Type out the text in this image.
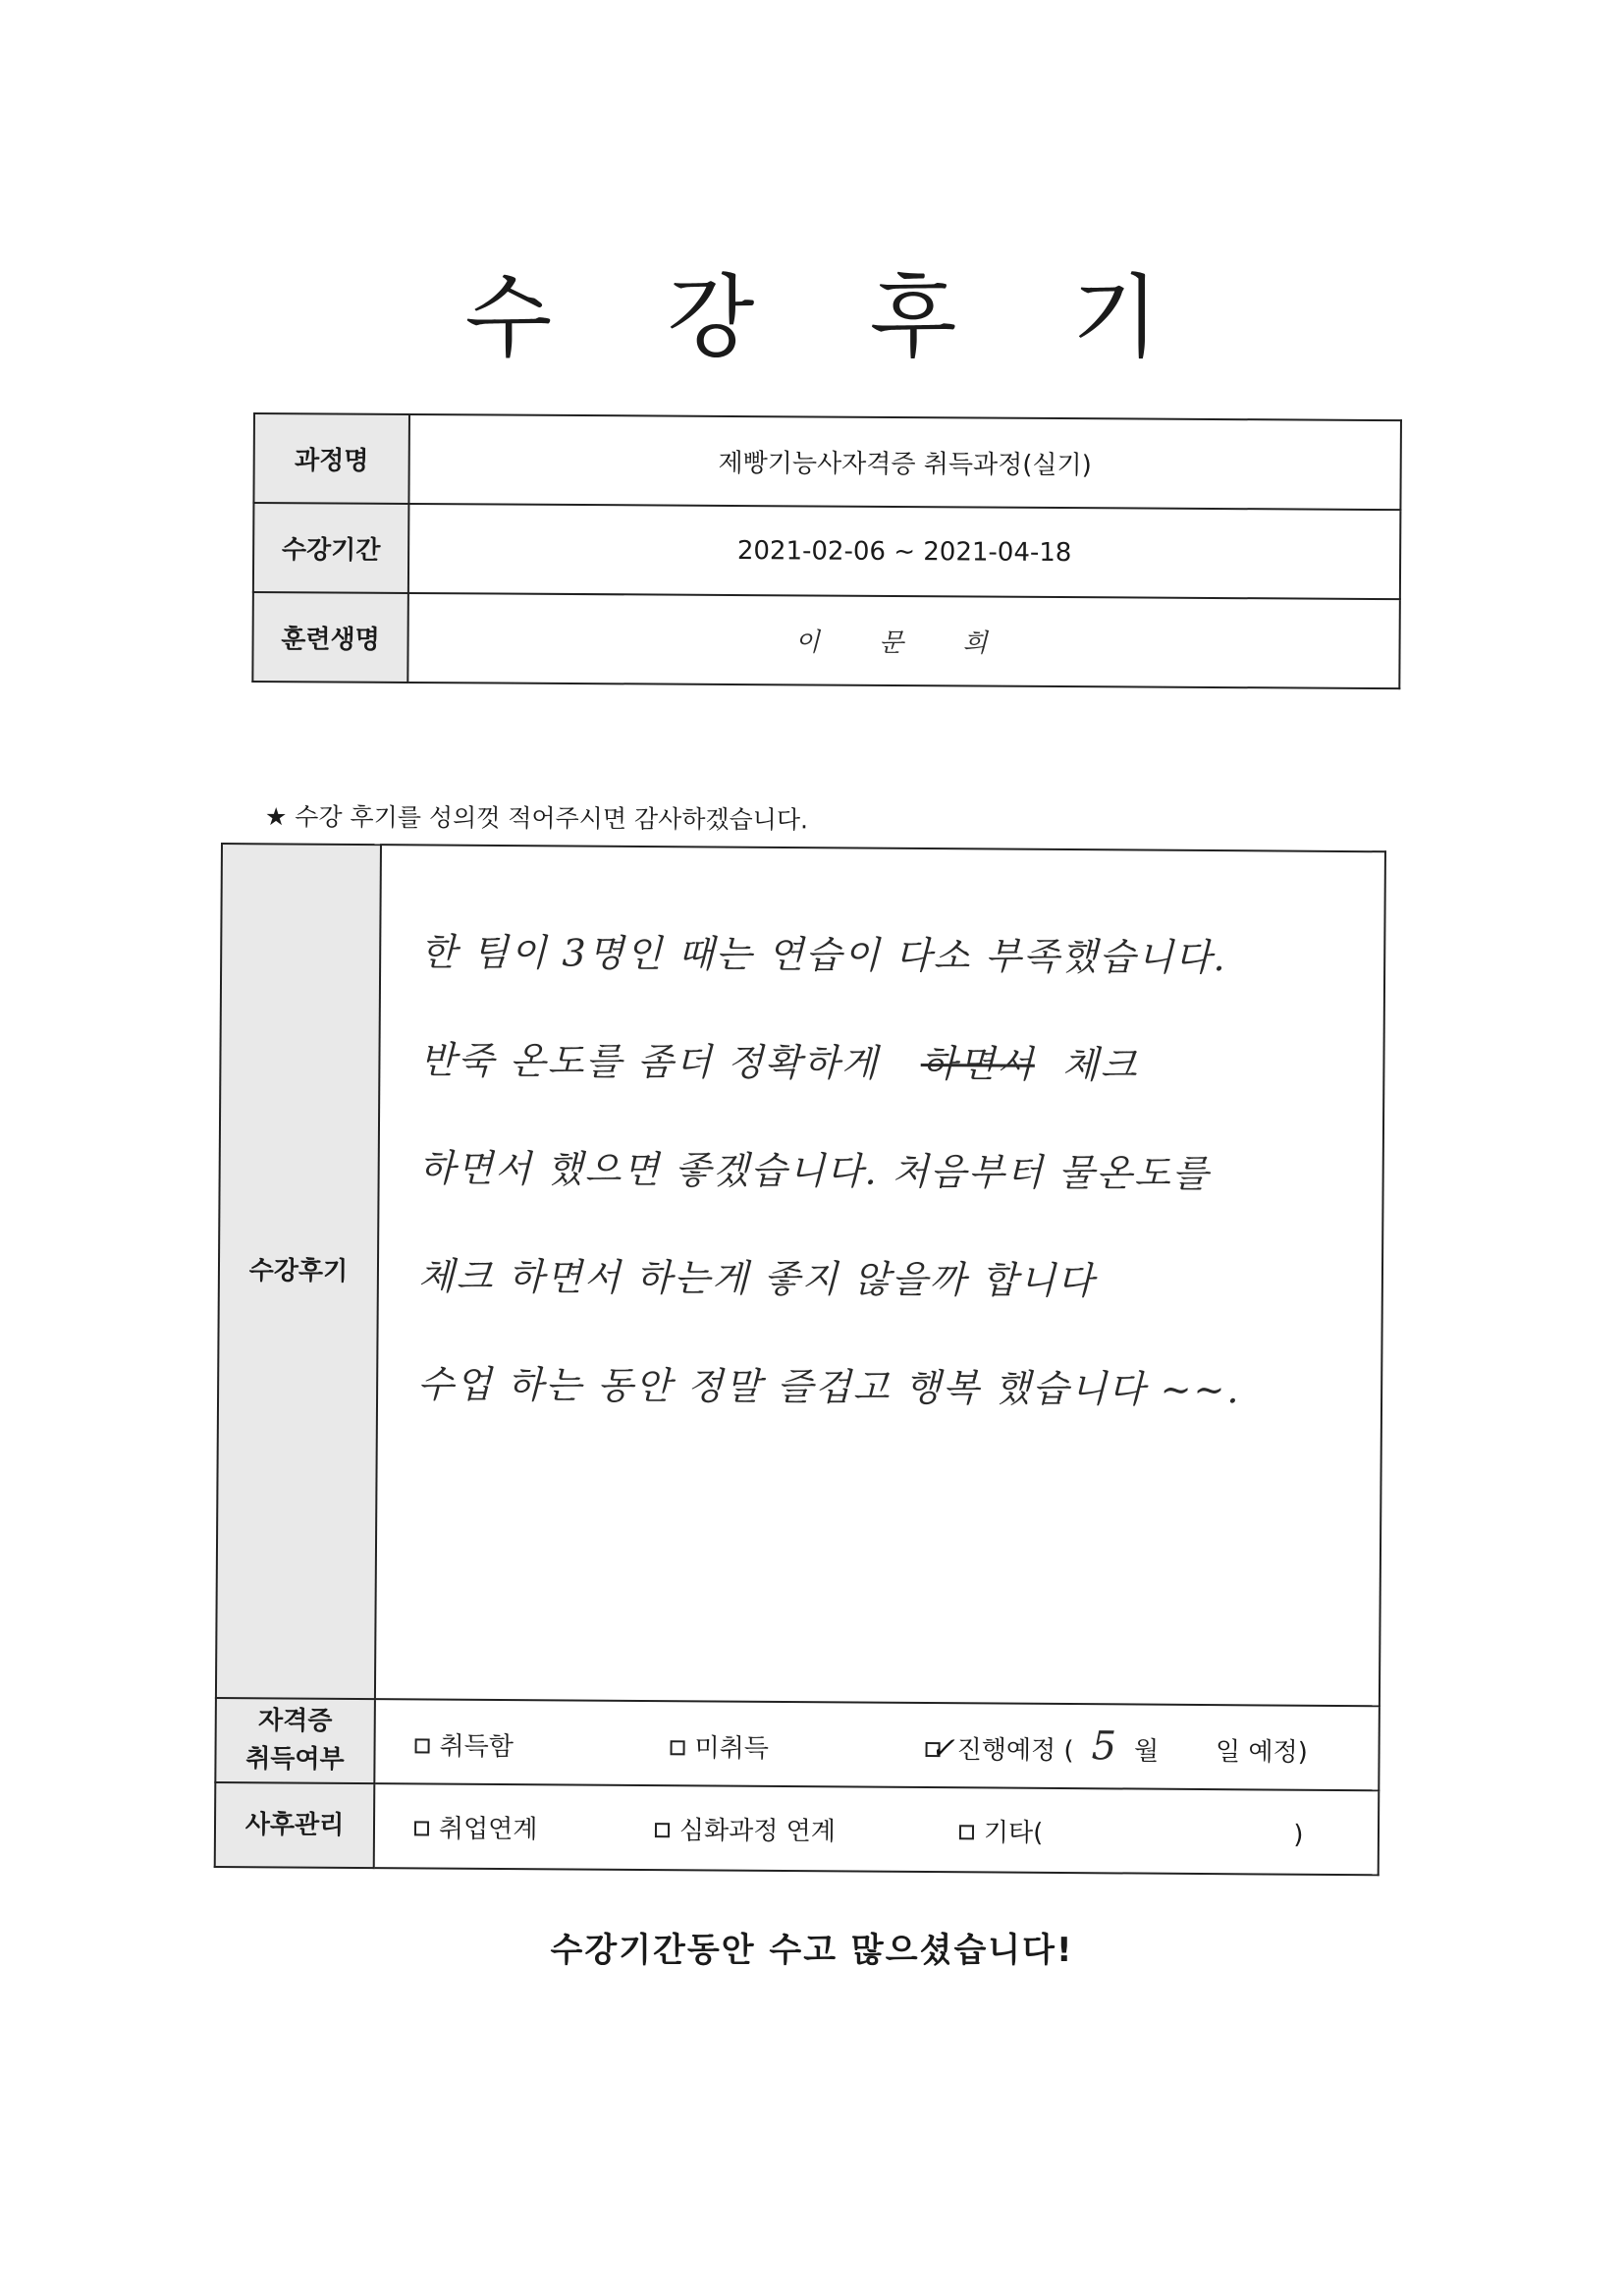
수 강 후 기
과정명	제빵기능사자격증 취득과정(실기)
수강기간	2021-02-06 ~ 2021-04-18
훈련생명	이 문 희
★ 수강 후기를 성의껏 적어주시면 감사하겠습니다.
수강후기	한 팀이 3명인 때는 연습이 다소 부족했습니다.
반죽 온도를 좀더 정확하게 하면서 체크
하면서 했으면 좋겠습니다. 처음부터 물온도를
체크 하면서 하는게 좋지 않을까 합니다
수업 하는 동안 정말 즐겁고 행복 했습니다 ~~.

자격증
취득여부	취득함 미취득 ✓진행예정 ( 5 월 일 예정)
사후관리	취업연계 심화과정 연계 기타( )
수강기간동안 수고 많으셨습니다!
